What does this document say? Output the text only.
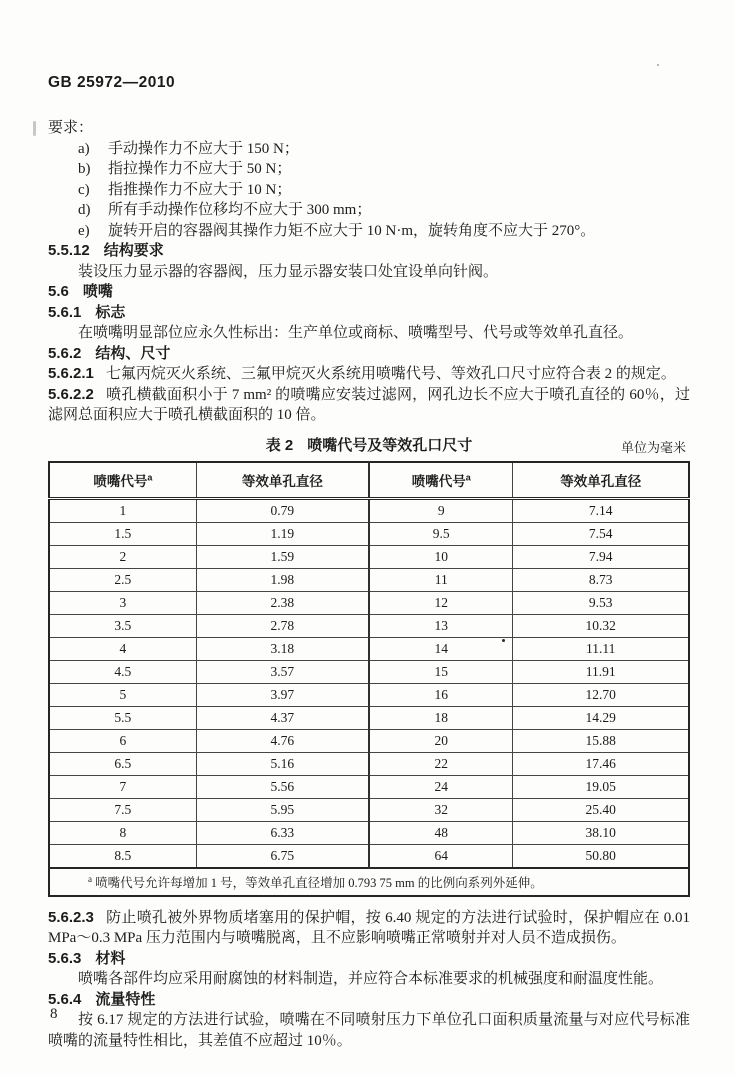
GB 25972—2010
要求：
a)	手动操作力不应大于 150 N；
b)	指拉操作力不应大于 50 N；
c)	指推操作力不应大于 10 N；
d)	所有手动操作位移均不应大于 300 mm；
e)	旋转开启的容器阀其操作力矩不应大于 10 N·m，旋转角度不应大于 270°。
5.5.12 结构要求
装设压力显示器的容器阀，压力显示器安装口处宜设单向针阀。
5.6 喷嘴
5.6.1 标志
在喷嘴明显部位应永久性标出：生产单位或商标、喷嘴型号、代号或等效单孔直径。
5.6.2 结构、尺寸
5.6.2.1 七氟丙烷灭火系统、三氟甲烷灭火系统用喷嘴代号、等效孔口尺寸应符合表 2 的规定。
5.6.2.2 喷孔横截面积小于 7 mm² 的喷嘴应安装过滤网，网孔边长不应大于喷孔直径的 60％，过滤网总面积应大于喷孔横截面积的 10 倍。
表 2 喷嘴代号及等效孔口尺寸	单位为毫米
喷嘴代号$^a$	等效单孔直径	喷嘴代号$^a$	等效单孔直径
1	0.79	9	7.14
1.5	1.19	9.5	7.54
2	1.59	10	7.94
2.5	1.98	11	8.73
3	2.38	12	9.53
3.5	2.78	13	10.32
4	3.18	14	11.11
4.5	3.57	15	11.91
5	3.97	16	12.70
5.5	4.37	18	14.29
6	4.76	20	15.88
6.5	5.16	22	17.46
7	5.56	24	19.05
7.5	5.95	32	25.40
8	6.33	48	38.10
8.5	6.75	64	50.80
$^a$ 喷嘴代号允许每增加 1 号，等效单孔直径增加 0.793 75 mm 的比例向系列外延伸。			
5.6.2.3 防止喷孔被外界物质堵塞用的保护帽，按 6.40 规定的方法进行试验时，保护帽应在 0.01 MPa～0.3 MPa 压力范围内与喷嘴脱离，且不应影响喷嘴正常喷射并对人员不造成损伤。
5.6.3 材料
喷嘴各部件均应采用耐腐蚀的材料制造，并应符合本标准要求的机械强度和耐温度性能。
5.6.4 流量特性
按 6.17 规定的方法进行试验，喷嘴在不同喷射压力下单位孔口面积质量流量与对应代号标准喷嘴的流量特性相比，其差值不应超过 10％。
8
